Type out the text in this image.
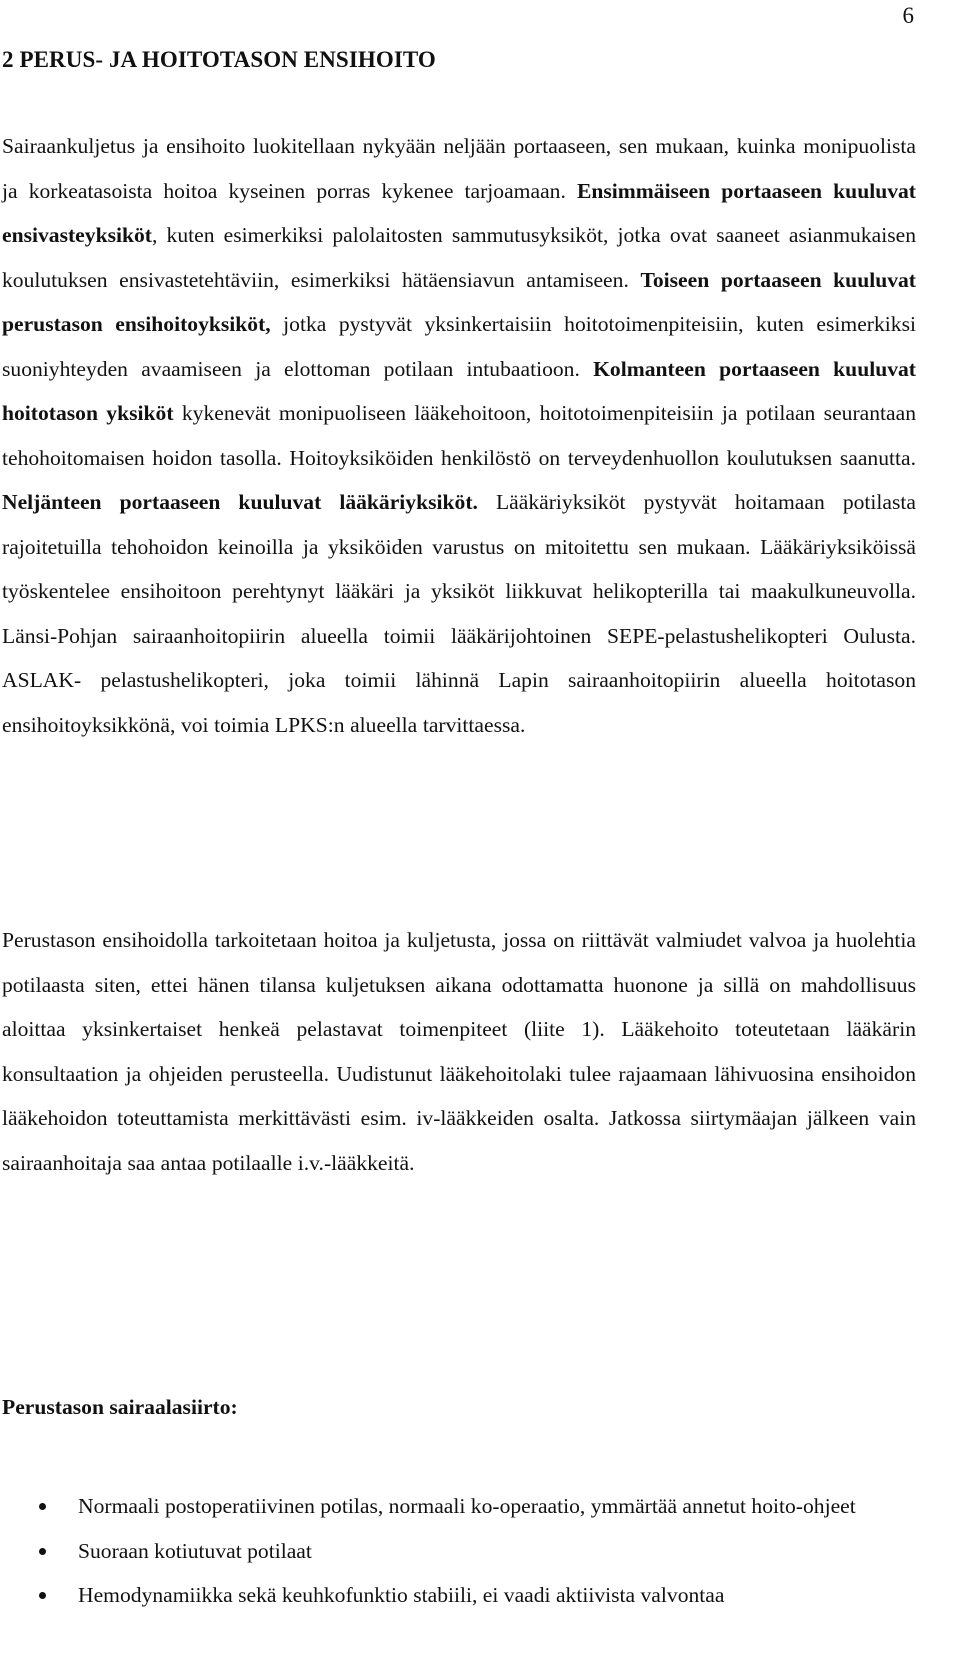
6
2 PERUS- JA HOITOTASON ENSIHOITO

Sairaankuljetus ja ensihoito luokitellaan nykyään neljään portaaseen, sen mukaan, kuinka monipuolista ja korkeatasoista hoitoa kyseinen porras kykenee tarjoamaan. Ensimmäiseen portaaseen kuuluvat ensivasteyksiköt, kuten esimerkiksi palolaitosten sammutusyksiköt, jotka ovat saaneet asianmukaisen koulutuksen ensivastetehtäviin, esimerkiksi hätäensiavun antamiseen. Toiseen portaaseen kuuluvat perustason ensihoitoyksiköt, jotka pystyvät yksinkertaisiin hoitotoimenpiteisiin, kuten esimerkiksi suoniyhteyden avaamiseen ja elottoman potilaan intubaatioon. Kolmanteen portaaseen kuuluvat hoitotason yksiköt kykenevät monipuoliseen lääkehoitoon, hoitotoimenpiteisiin ja potilaan seurantaan tehohoitomaisen hoidon tasolla. Hoitoyksiköiden henkilöstö on terveydenhuollon koulutuksen saanutta. Neljänteen portaaseen kuuluvat lääkäriyksiköt. Lääkäriyksiköt pystyvät hoitamaan potilasta rajoitetuilla tehohoidon keinoilla ja yksiköiden varustus on mitoitettu sen mukaan. Lääkäriyksiköissä työskentelee ensihoitoon perehtynyt lääkäri ja yksiköt liikkuvat helikopterilla tai maakulkuneuvolla. Länsi-Pohjan sairaanhoitopiirin alueella toimii lääkärijohtoinen SEPE-pelastushelikopteri Oulusta. ASLAK- pelastushelikopteri, joka toimii lähinnä Lapin sairaanhoitopiirin alueella hoitotason ensihoitoyksikkönä, voi toimia LPKS:n alueella tarvittaessa.

Perustason ensihoidolla tarkoitetaan hoitoa ja kuljetusta, jossa on riittävät valmiudet valvoa ja huolehtia potilaasta siten, ettei hänen tilansa kuljetuksen aikana odottamatta huonone ja sillä on mahdollisuus aloittaa yksinkertaiset henkeä pelastavat toimenpiteet (liite 1). Lääkehoito toteutetaan lääkärin konsultaation ja ohjeiden perusteella. Uudistunut lääkehoitolaki tulee rajaamaan lähivuosina ensihoidon lääkehoidon toteuttamista merkittävästi esim. iv-lääkkeiden osalta. Jatkossa siirtymäajan jälkeen vain sairaanhoitaja saa antaa potilaalle i.v.-lääkkeitä.

Perustason sairaalasiirto:
Normaali postoperatiivinen potilas, normaali ko-operaatio, ymmärtää annetut hoito-ohjeet
Suoraan kotiutuvat potilaat
Hemodynamiikka sekä keuhkofunktio stabiili, ei vaadi aktiivista valvontaa
